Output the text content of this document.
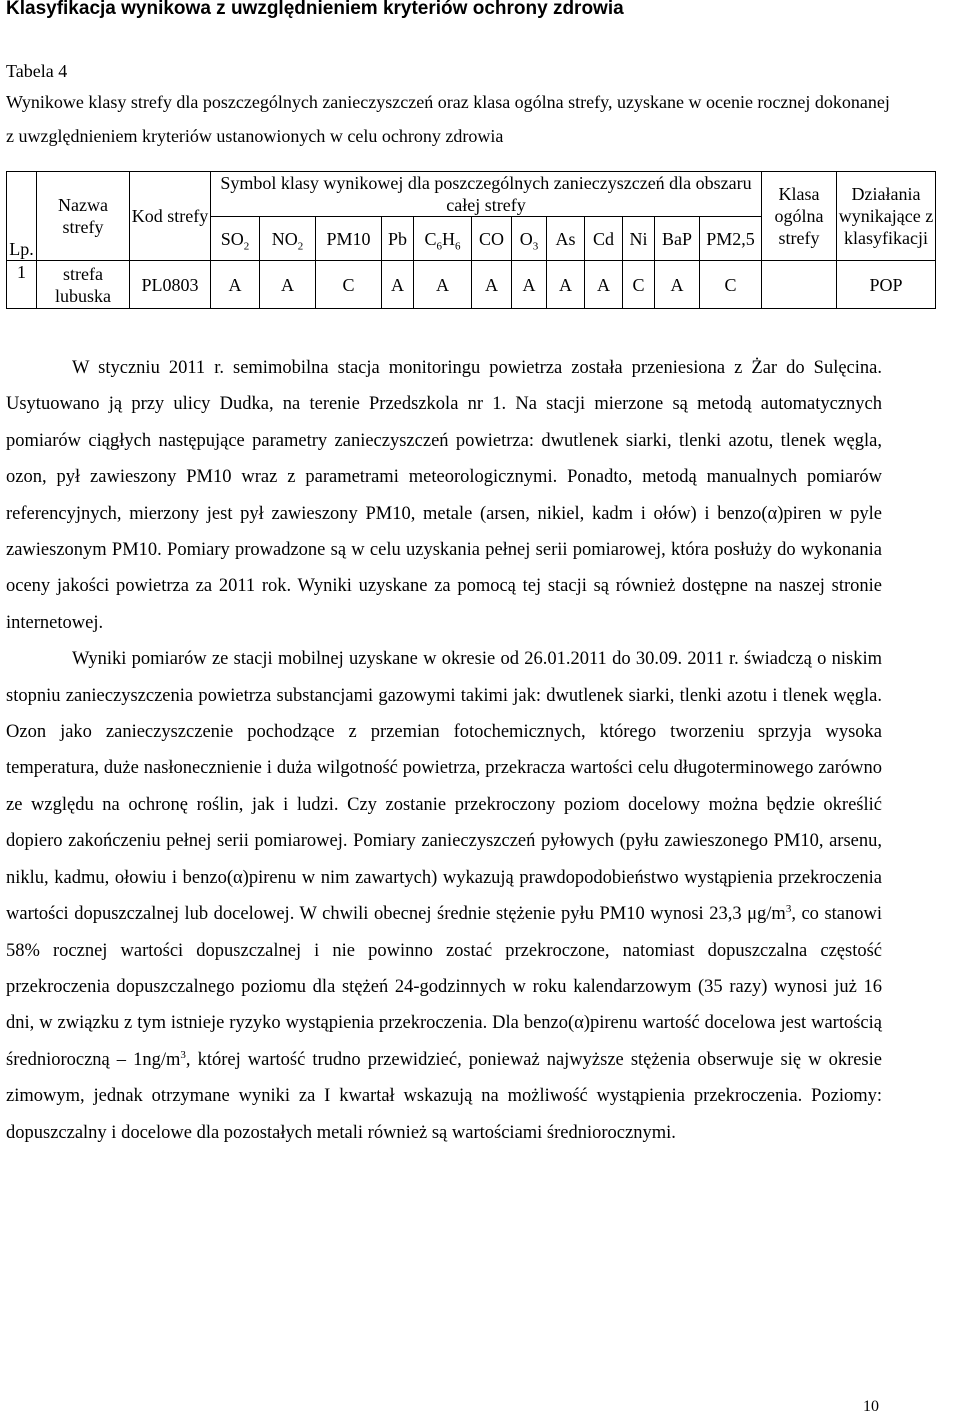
Klasyfikacja wynikowa z uwzględnieniem kryteriów ochrony zdrowia
Tabela 4
Wynikowe klasy strefy dla poszczególnych zanieczyszczeń oraz klasa ogólna strefy, uzyskane w ocenie rocznej dokonanej z uwzględnieniem kryteriów ustanowionych w celu ochrony zdrowia
Lp.	Nazwa strefy	Kod strefy	Symbol klasy wynikowej dla poszczególnych zanieczyszczeń dla obszaru całej strefy												Klasa ogólna strefy	Działania wynikające z klasyfikacji
			$SO_2$	$NO_2$	PM10	Pb	$C_6H_6$	CO	$O_3$	As	Cd	Ni	BaP	PM2,5		
1	strefa lubuska	PL0803	A	A	C	A	A	A	A	A	A	C	A	C		POP

W styczniu 2011 r. semimobilna stacja monitoringu powietrza została przeniesiona z Żar do Sulęcina. Usytuowano ją przy ulicy Dudka, na terenie Przedszkola nr 1. Na stacji mierzone są metodą automatycznych pomiarów ciągłych następujące parametry zanieczyszczeń powietrza: dwutlenek siarki, tlenki azotu, tlenek węgla, ozon, pył zawieszony PM10 wraz z parametrami meteorologicznymi. Ponadto, metodą manualnych pomiarów referencyjnych, mierzony jest pył zawieszony PM10, metale (arsen, nikiel, kadm i ołów) i benzo(α)piren w pyle zawieszonym PM10. Pomiary prowadzone są w celu uzyskania pełnej serii pomiarowej, która posłuży do wykonania oceny jakości powietrza za 2011 rok. Wyniki uzyskane za pomocą tej stacji są również dostępne na naszej stronie internetowej.

Wyniki pomiarów ze stacji mobilnej uzyskane w okresie od 26.01.2011 do 30.09. 2011 r. świadczą o niskim stopniu zanieczyszczenia powietrza substancjami gazowymi takimi jak: dwutlenek siarki, tlenki azotu i tlenek węgla. Ozon jako zanieczyszczenie pochodzące z przemian fotochemicznych, którego tworzeniu sprzyja wysoka temperatura, duże nasłonecznienie i duża wilgotność powietrza, przekracza wartości celu długoterminowego zarówno ze względu na ochronę roślin, jak i ludzi. Czy zostanie przekroczony poziom docelowy można będzie określić dopiero zakończeniu pełnej serii pomiarowej. Pomiary zanieczyszczeń pyłowych (pyłu zawieszonego PM10, arsenu, niklu, kadmu, ołowiu i benzo(α)pirenu w nim zawartych) wykazują prawdopodobieństwo wystąpienia przekroczenia wartości dopuszczalnej lub docelowej. W chwili obecnej średnie stężenie pyłu PM10 wynosi 23,3 $\mu g/m^3$, co stanowi 58% rocznej wartości dopuszczalnej i nie powinno zostać przekroczone, natomiast dopuszczalna częstość przekroczenia dopuszczalnego poziomu dla stężeń 24-godzinnych w roku kalendarzowym (35 razy) wynosi już 16 dni, w związku z tym istnieje ryzyko wystąpienia przekroczenia. Dla benzo(α)pirenu wartość docelowa jest wartością średnioroczną – $1ng/m^3$, której wartość trudno przewidzieć, ponieważ najwyższe stężenia obserwuje się w okresie zimowym, jednak otrzymane wyniki za I kwartał wskazują na możliwość wystąpienia przekroczenia. Poziomy: dopuszczalny i docelowe dla pozostałych metali również są wartościami średniorocznymi.

10
